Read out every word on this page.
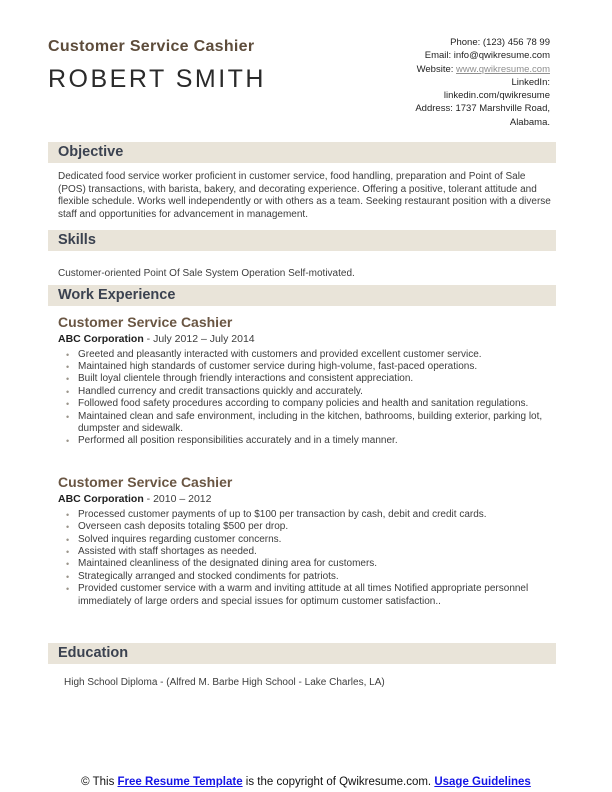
Customer Service Cashier
ROBERT SMITH
Phone: (123) 456 78 99
Email: info@qwikresume.com
Website: www.qwikresume.com
LinkedIn:
linkedin.com/qwikresume
Address: 1737 Marshville Road,
Alabama.
Objective
Dedicated food service worker proficient in customer service, food handling, preparation and Point of Sale (POS) transactions, with barista, bakery, and decorating experience. Offering a positive, tolerant attitude and flexible schedule. Works well independently or with others as a team. Seeking restaurant position with a diverse staff and opportunities for advancement in management.
Skills
Customer-oriented Point Of Sale System Operation Self-motivated.
Work Experience
Customer Service Cashier
ABC Corporation - July 2012 – July 2014
• Greeted and pleasantly interacted with customers and provided excellent customer service.
• Maintained high standards of customer service during high-volume, fast-paced operations.
• Built loyal clientele through friendly interactions and consistent appreciation.
• Handled currency and credit transactions quickly and accurately.
• Followed food safety procedures according to company policies and health and sanitation regulations.
• Maintained clean and safe environment, including in the kitchen, bathrooms, building exterior, parking lot, dumpster and sidewalk.
• Performed all position responsibilities accurately and in a timely manner.
Customer Service Cashier
ABC Corporation - 2010 – 2012
• Processed customer payments of up to $100 per transaction by cash, debit and credit cards.
• Overseen cash deposits totaling $500 per drop.
• Solved inquires regarding customer concerns.
• Assisted with staff shortages as needed.
• Maintained cleanliness of the designated dining area for customers.
• Strategically arranged and stocked condiments for patriots.
• Provided customer service with a warm and inviting attitude at all times Notified appropriate personnel immediately of large orders and special issues for optimum customer satisfaction..
Education
High School Diploma - (Alfred M. Barbe High School - Lake Charles, LA)
© This Free Resume Template is the copyright of Qwikresume.com. Usage Guidelines
